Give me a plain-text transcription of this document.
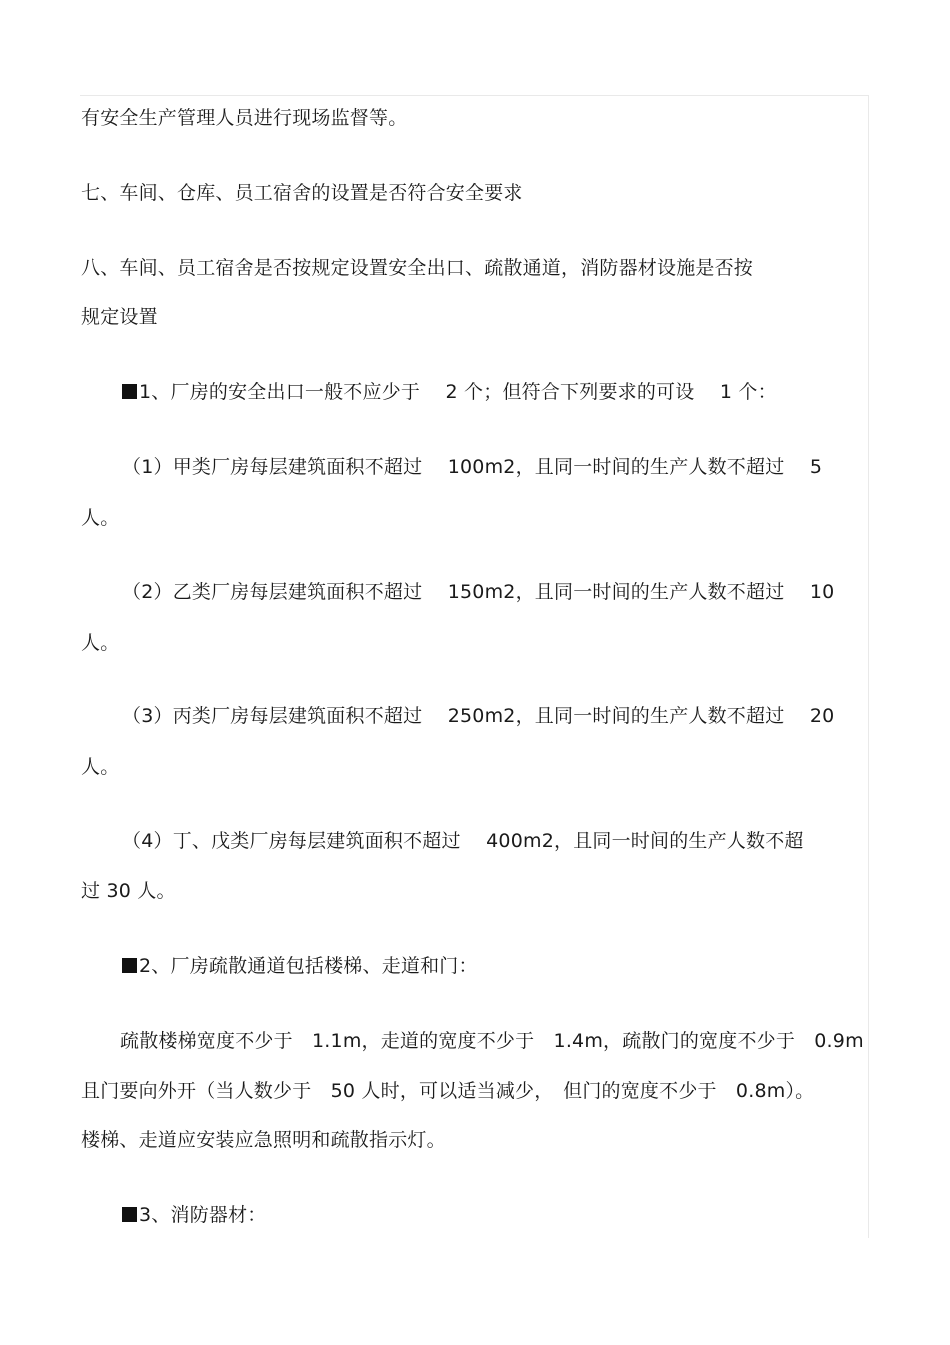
有安全生产管理人员进行现场监督等。
七、车间、仓库、员工宿舍的设置是否符合安全要求
八、车间、员工宿舍是否按规定设置安全出口、疏散通道，消防器材设施是否按
规定设置
1、厂房的安全出口一般不应少于　 2 个；但符合下列要求的可设　 1 个：
（1）甲类厂房每层建筑面积不超过　 100m2，且同一时间的生产人数不超过　 5
人。
（2）乙类厂房每层建筑面积不超过　 150m2，且同一时间的生产人数不超过　 10
人。
（3）丙类厂房每层建筑面积不超过　 250m2，且同一时间的生产人数不超过　 20
人。
（4）丁、戊类厂房每层建筑面积不超过　 400m2，且同一时间的生产人数不超
过 30 人。
2、厂房疏散通道包括楼梯、走道和门：
疏散楼梯宽度不少于　1.1m，走道的宽度不少于　1.4m，疏散门的宽度不少于　0.9m
且门要向外开（当人数少于　50 人时，可以适当减少，　但门的宽度不少于　0.8m）。
楼梯、走道应安装应急照明和疏散指示灯。
3、消防器材：
